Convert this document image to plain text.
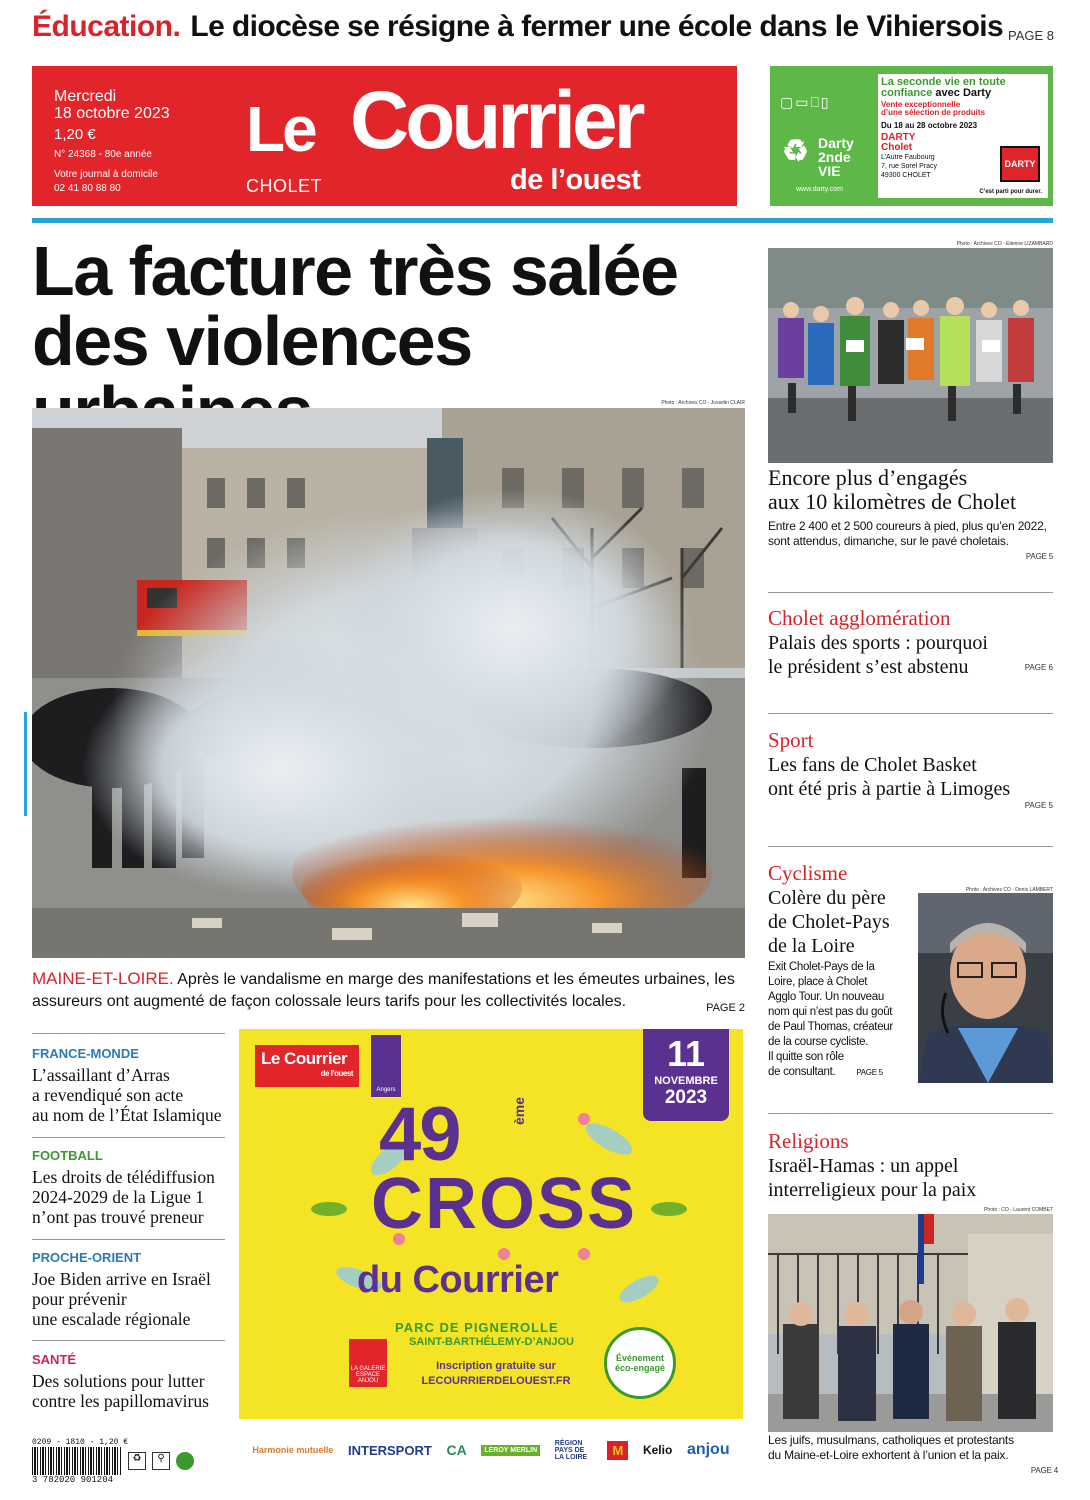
Éducation. Le diocèse se résigne à fermer une école dans le Vihiersois PAGE 8
Mercredi
18 octobre 2023
1,20 €
N° 24368 - 80e année
Votre journal à domicile
02 41 80 88 80
Le Courrier
de l’ouest
CHOLET
▢▭⎕▯
♻ Darty
2nde VIE
www.darty.com
La seconde vie en toute
confiance avec Darty
Vente exceptionnelle
d’une sélection de produits
Du 18 au 28 octobre 2023
DARTY
Cholet
L’Autre Faubourg
7, rue Sorel Pracy
49300 CHOLET
DARTY
C’est parti pour durer.
La facture très salée
des violences
Photo : Archives CO - Josselin CLAIR
MAINE-ET-LOIRE. Après le vandalisme en marge des manifestations et les émeutes urbaines, les assureurs ont augmenté de façon colossale leurs tarifs pour les collectivités locales.	PAGE 2
Photo : Archives CO - Etienne LIZAMBARD
Encore plus d’engagés
aux 10 kilomètres de Cholet
Entre 2 400 et 2 500 coureurs à pied, plus qu’en 2022,
sont attendus, dimanche, sur le pavé choletais.
PAGE 5
Cholet agglomération
Palais des sports : pourquoi
le président s’est abstenu	PAGE 6
Sport
Les fans de Cholet Basket
ont été pris à partie à Limoges
PAGE 5
Cyclisme
Colère du père
de Cholet-Pays
de la Loire
Photo : Archives CO - Denis LAMBERT
Exit Cholet-Pays de la
Loire, place à Cholet
Agglo Tour. Un nouveau
nom qui n’est pas du goût
de Paul Thomas, créateur
de la course cycliste.
Il quitte son rôle
de consultant.	PAGE 5
Religions
Israël-Hamas : un appel
interreligieux pour la paix
Photo : CO - Laurent COMBET
Les juifs, musulmans, catholiques et protestants
du Maine-et-Loire exhortent à l’union et la paix.
PAGE 4
FRANCE-MONDE
L’assaillant d’Arras
a revendiqué son acte
au nom de l’État Islamique
FOOTBALL
Les droits de télédiffusion
2024-2029 de la Ligue 1
n’ont pas trouvé preneur
PROCHE-ORIENT
Joe Biden arrive en Israël
pour prévenir
une escalade régionale
SANTÉ
Des solutions pour lutter
contre les papillomavirus
Le Courrier
de l’ouest
Angers
11
NOVEMBRE
2023
49	ème
CROSS
du Courrier
PARC DE PIGNEROLLE
SAINT-BARTHÉLEMY-D’ANJOU
Inscription gratuite sur
LECOURRIERDELOUEST.FR
Événement éco-engagé
LA GALERIE ESPACE ANJOU
Harmonie mutuelle INTERSPORT CA	LEROY MERLIN
RÉGION PAYS DE LA LOIRE	M	Kelio anjou
0209 - 1810 - 1,20 €
♻	⚲
3 782020 901204
